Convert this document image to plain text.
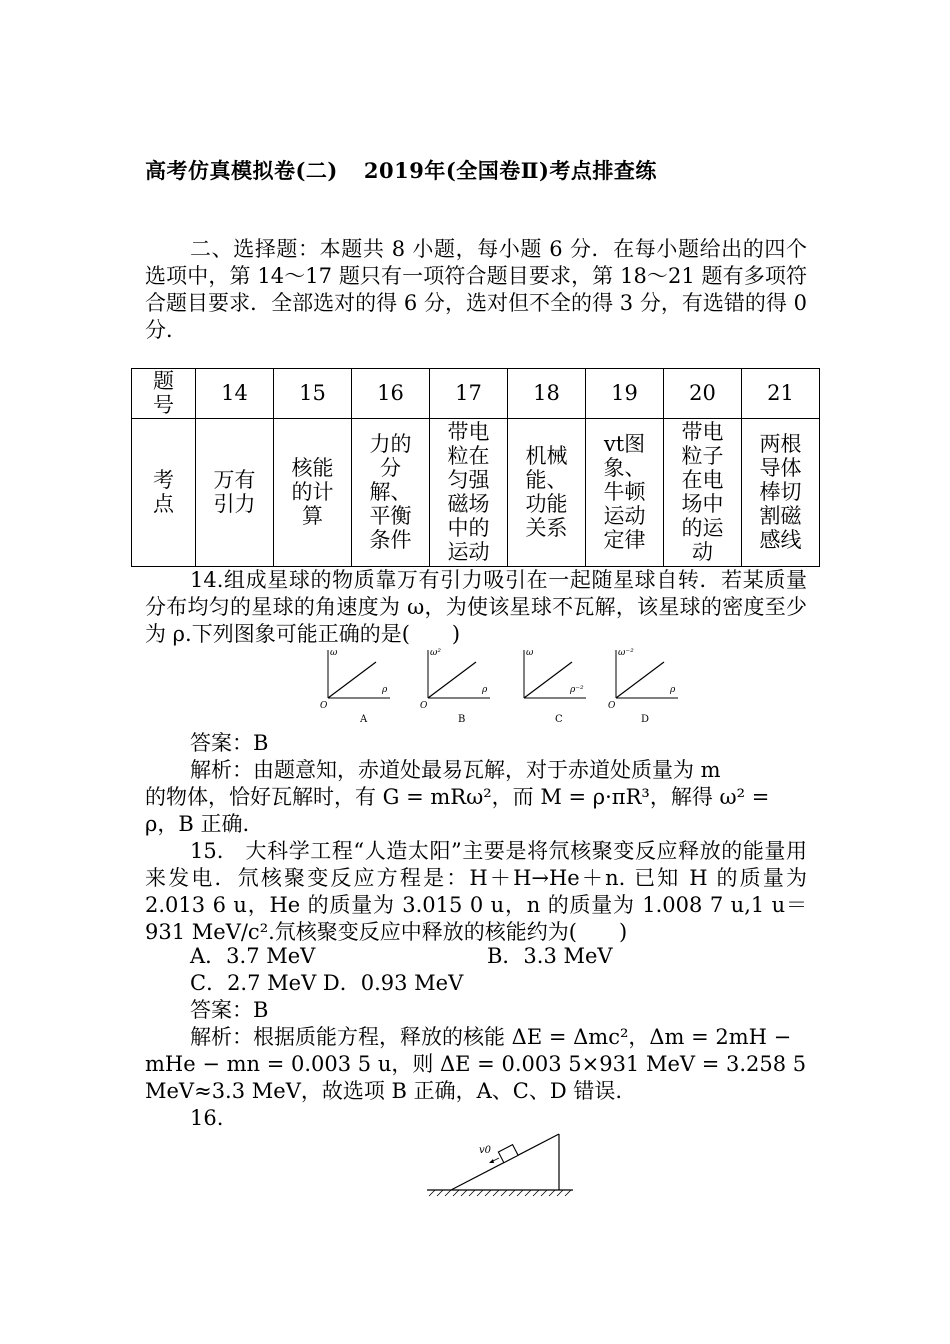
高考仿真模拟卷(二) 2019年(全国卷Ⅱ)考点排查练
二、选择题：本题共 8 小题，每小题 6 分．在每小题给出的四个选项中，第 14～17 题只有一项符合题目要求，第 18～21 题有多项符合题目要求．全部选对的得 6 分，选对但不全的得 3 分，有选错的得 0 分．
题号	14	15	16	17	18	19	20	21
考点	万有引力	核能的计算	力的分解、平衡条件	带电粒在匀强磁场中的运动	机械能、功能关系	vt图象、牛顿运动定律	带电粒子在电场中的运动	两根导体棒切割磁感线
14.组成星球的物质靠万有引力吸引在一起随星球自转．若某质量分布均匀的星球的角速度为 ω，为使该星球不瓦解，该星球的密度至少为 ρ.下列图象可能正确的是(　　)
ω
ρ
O
A
ω²
ρ
O
B
ω
ρ⁻²
C
ω⁻²
ρ
O
D
答案：B
解析：由题意知，赤道处最易瓦解，对于赤道处质量为 m
的物体，恰好瓦解时，有 G = mRω²，而 M = ρ·πR³，解得 ω² =
ρ，B 正确.
15.　大科学工程“人造太阳”主要是将氘核聚变反应释放的能量用来发电．氘核聚变反应方程是：H＋H→He＋n. 已知 H 的质量为 2.013 6 u，He 的质量为 3.015 0 u，n 的质量为 1.008 7 u,1 u＝931 MeV/c².氘核聚变反应中释放的核能约为(　　)
A．3.7 MeV	B．3.3 MeV
C．2.7 MeV D．0.93 MeV
答案：B
解析：根据质能方程，释放的核能 ΔE = Δmc²，Δm = 2mH −
mHe − mn = 0.003 5 u，则 ΔE = 0.003 5×931 MeV = 3.258 5
MeV≈3.3 MeV，故选项 B 正确，A、C、D 错误.
16.
v0
